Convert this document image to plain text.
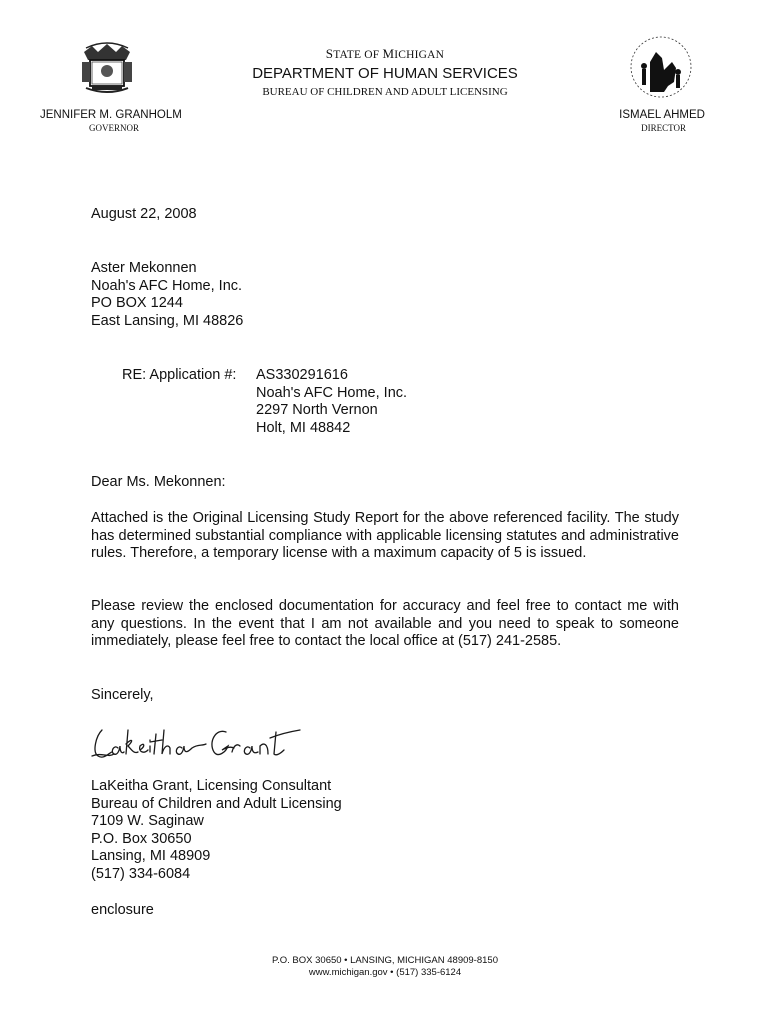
STATE OF MICHIGAN
DEPARTMENT OF HUMAN SERVICES
BUREAU OF CHILDREN AND ADULT LICENSING
JENNIFER M. GRANHOLM
GOVERNOR
ISMAEL AHMED
DIRECTOR
August 22, 2008
Aster Mekonnen
Noah's AFC Home, Inc.
PO BOX 1244
East Lansing, MI 48826
RE: Application #: AS330291616
Noah's AFC Home, Inc.
2297 North Vernon
Holt, MI 48842
Dear Ms. Mekonnen:
Attached is the Original Licensing Study Report for the above referenced facility. The study has determined substantial compliance with applicable licensing statutes and administrative rules. Therefore, a temporary license with a maximum capacity of 5 is issued.
Please review the enclosed documentation for accuracy and feel free to contact me with any questions. In the event that I am not available and you need to speak to someone immediately, please feel free to contact the local office at (517) 241-2585.
Sincerely,
LaKeitha Grant, Licensing Consultant
Bureau of Children and Adult Licensing
7109 W. Saginaw
P.O. Box 30650
Lansing, MI 48909
(517) 334-6084
enclosure
P.O. BOX 30650 • LANSING, MICHIGAN 48909-8150
www.michigan.gov • (517) 335-6124
